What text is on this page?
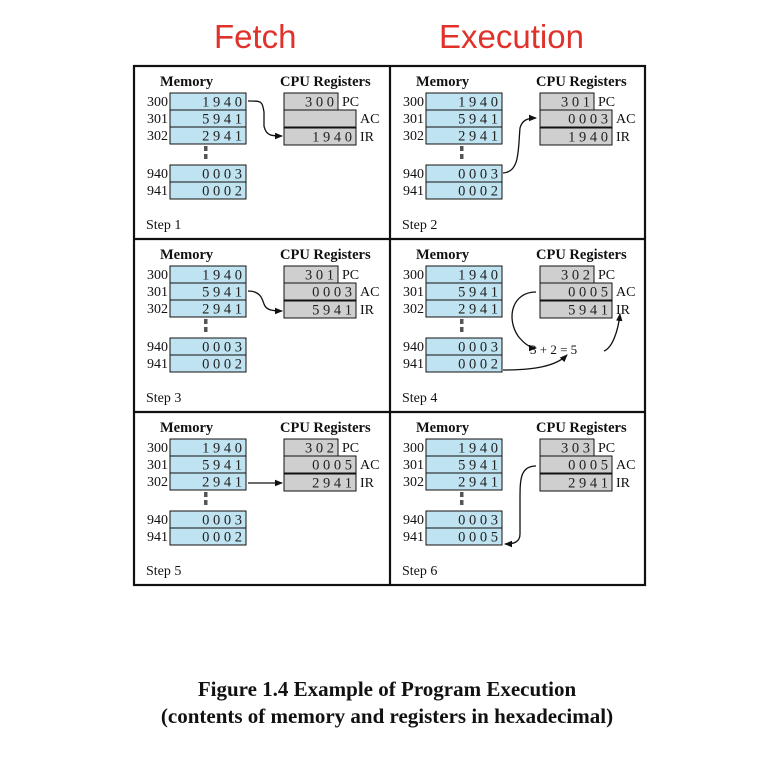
Fetch	Execution
Memory	CPU Registers
300 1 9 4 0
301 5 9 4 1
302 2 9 4 1
940 0 0 0 3
941 0 0 0 2
3 0 0 PC
AC
1 9 4 0 IR
Step 1
Memory	CPU Registers
300 1 9 4 0
301 5 9 4 1
302 2 9 4 1
940 0 0 0 3
941 0 0 0 2
3 0 1 PC
0 0 0 3 AC
1 9 4 0 IR
Step 2
Memory	CPU Registers
300 1 9 4 0
301 5 9 4 1
302 2 9 4 1
940 0 0 0 3
941 0 0 0 2
3 0 1 PC
0 0 0 3 AC
5 9 4 1 IR
Step 3
Memory	CPU Registers
300 1 9 4 0
301 5 9 4 1
302 2 9 4 1
940 0 0 0 3
941 0 0 0 2
3 0 2 PC
0 0 0 5 AC
5 9 4 1 IR
Step 4
3 + 2 = 5
Memory	CPU Registers
300 1 9 4 0
301 5 9 4 1
302 2 9 4 1
940 0 0 0 3
941 0 0 0 2
3 0 2 PC
0 0 0 5 AC
2 9 4 1 IR
Step 5
Memory	CPU Registers
300 1 9 4 0
301 5 9 4 1
302 2 9 4 1
940 0 0 0 3
941 0 0 0 5
3 0 3 PC
0 0 0 5 AC
2 9 4 1 IR
Step 6
Figure 1.4 Example of Program Execution
(contents of memory and registers in hexadecimal)
